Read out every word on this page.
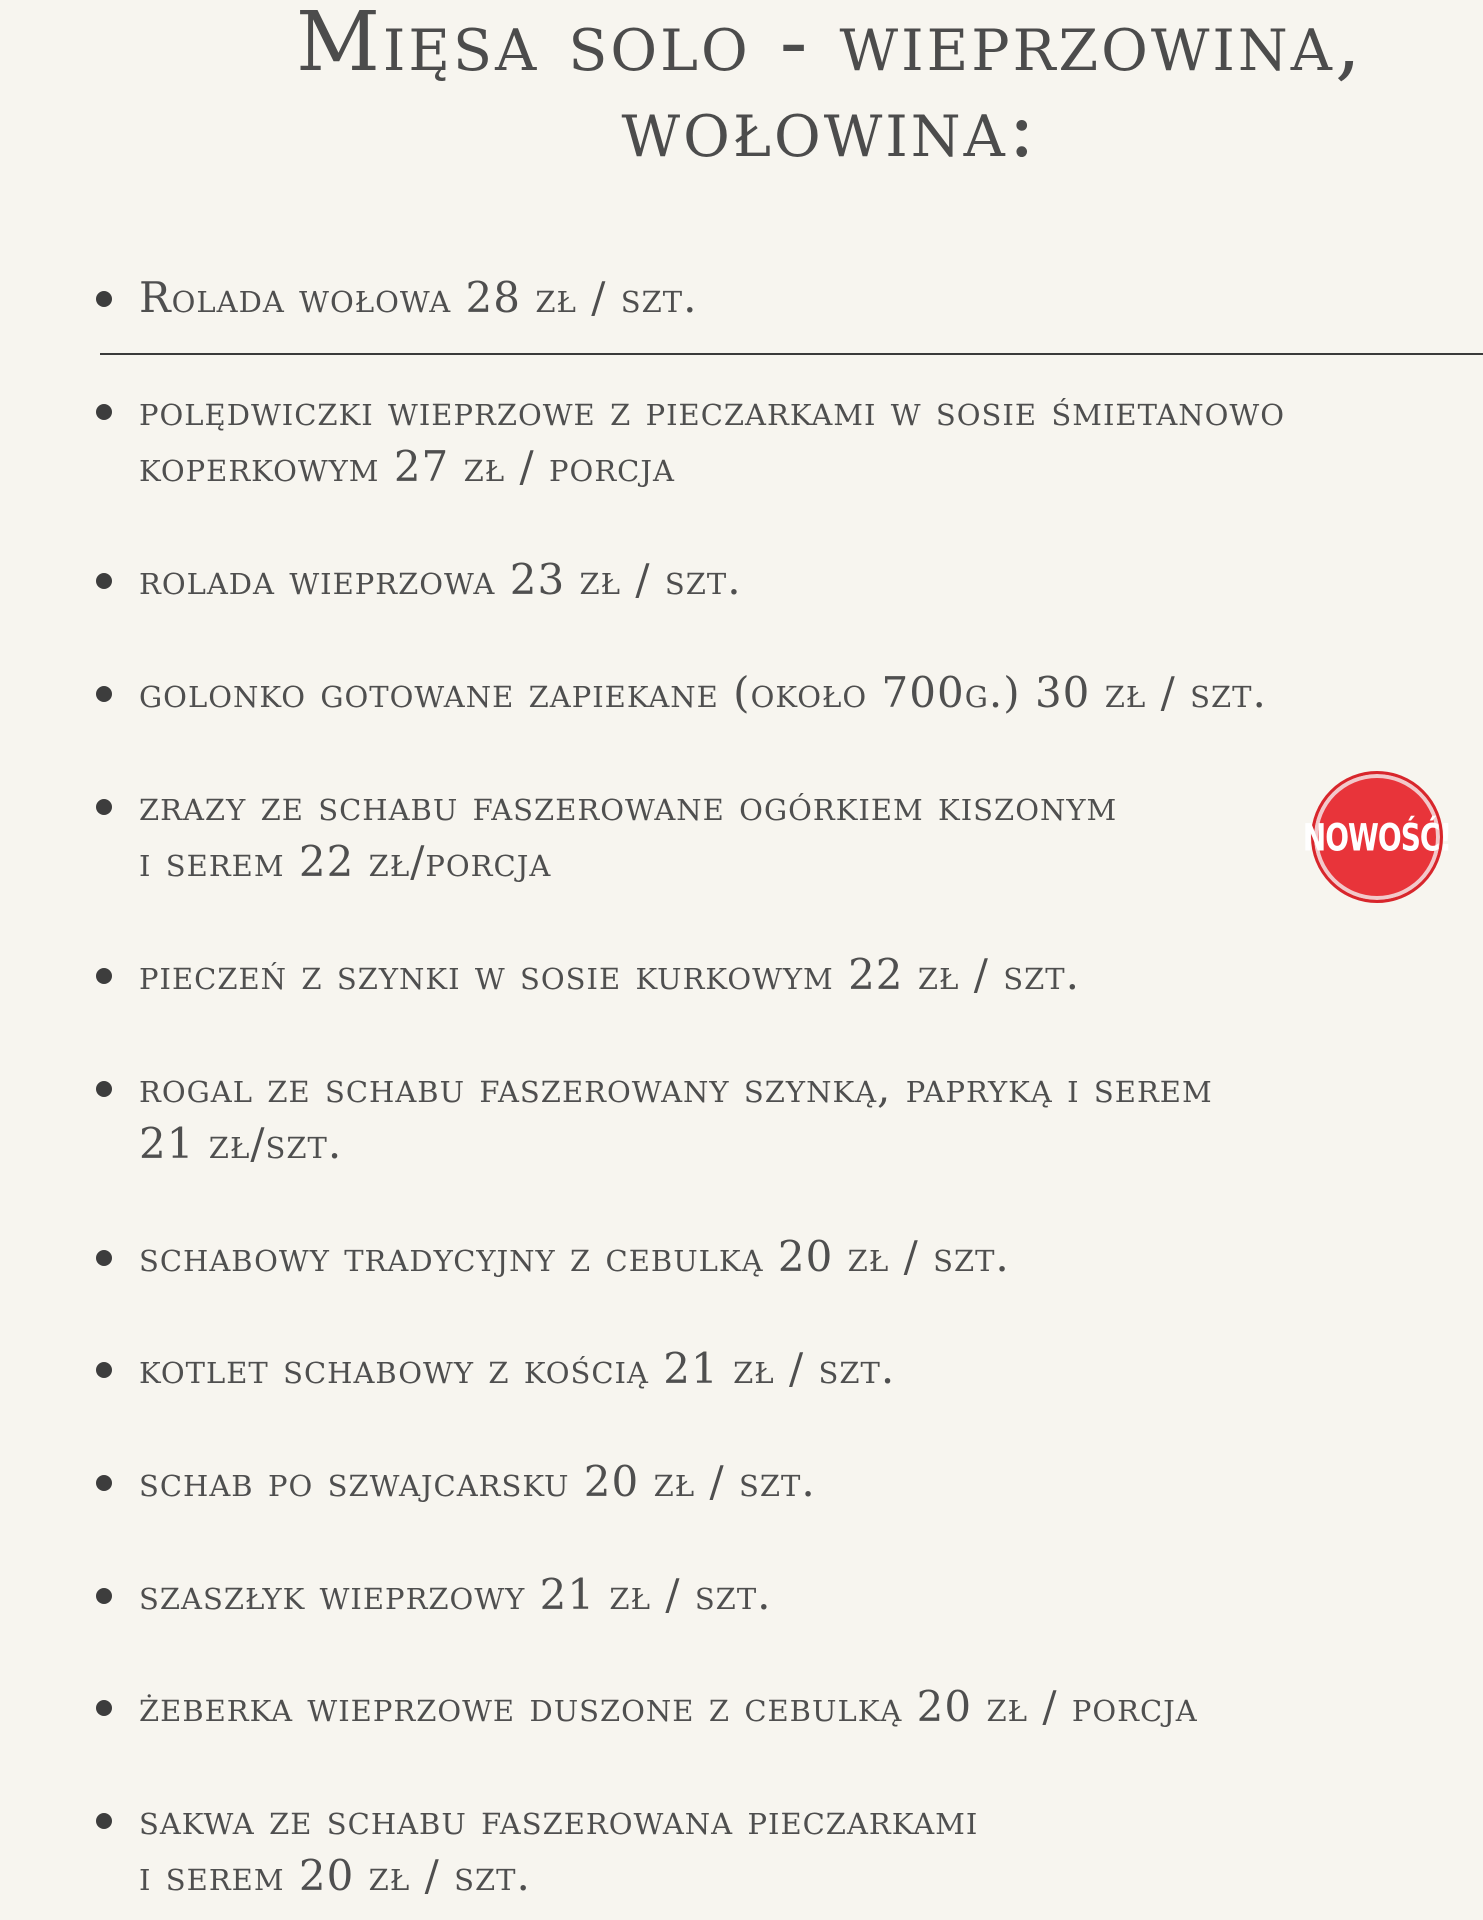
Mięsa solo - wieprzowina,
wołowina:
Rolada wołowa 28 zł / szt.
polędwiczki wieprzowe z pieczarkami w sosie śmietanowo
koperkowym 27 zł / porcja
rolada wieprzowa 23 zł / szt.
golonko gotowane zapiekane (około 700g.) 30 zł / szt.
zrazy ze schabu faszerowane ogórkiem kiszonym
i serem 22 zł/porcja
pieczeń z szynki w sosie kurkowym 22 zł / szt.
rogal ze schabu faszerowany szynką, papryką i serem
21 zł/szt.
schabowy tradycyjny z cebulką 20 zł / szt.
kotlet schabowy z kością 21 zł / szt.
schab po szwajcarsku 20 zł / szt.
szaszłyk wieprzowy 21 zł / szt.
żeberka wieprzowe duszone z cebulką 20 zł / porcja
sakwa ze schabu faszerowana pieczarkami
i serem 20 zł / szt.
NOWOŚĆ!
